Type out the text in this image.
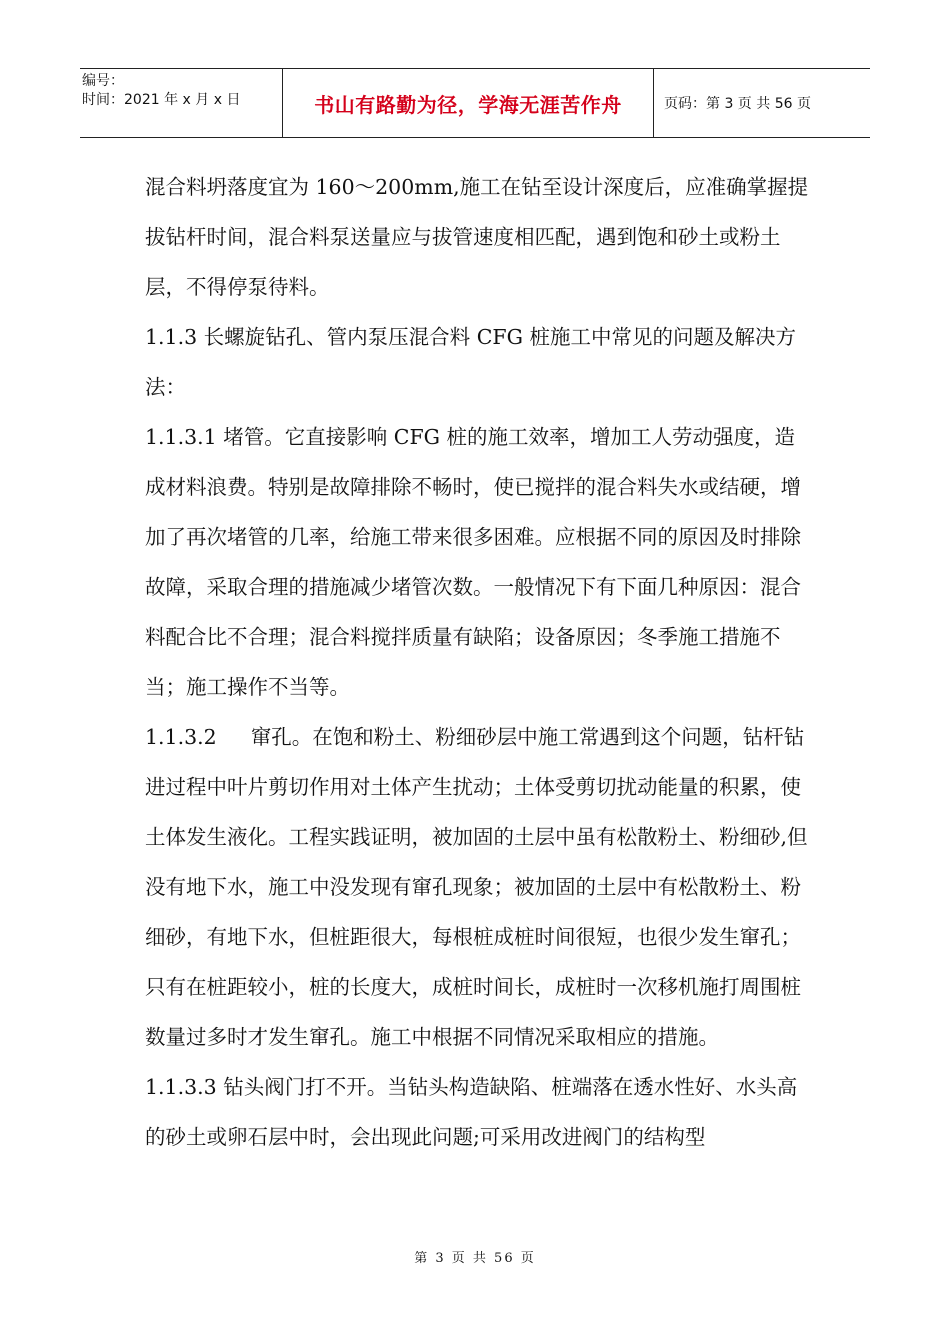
编号：
时间：2021 年 x 月 x 日	书山有路勤为径，学海无涯苦作舟	页码：第 3 页 共 56 页

混合料坍落度宜为 160～200mm,施工在钻至设计深度后，应准确掌握提拔钻杆时间，混合料泵送量应与拔管速度相匹配，遇到饱和砂土或粉土层，不得停泵待料。

1.1.3 长螺旋钻孔、管内泵压混合料 CFG 桩施工中常见的问题及解决方法：

1.1.3.1 堵管。它直接影响 CFG 桩的施工效率，增加工人劳动强度，造成材料浪费。特别是故障排除不畅时，使已搅拌的混合料失水或结硬，增加了再次堵管的几率，给施工带来很多困难。应根据不同的原因及时排除故障，采取合理的措施减少堵管次数。一般情况下有下面几种原因：混合料配合比不合理；混合料搅拌质量有缺陷；设备原因；冬季施工措施不当；施工操作不当等。

1.1.3.2 窜孔。在饱和粉土、粉细砂层中施工常遇到这个问题，钻杆钻进过程中叶片剪切作用对土体产生扰动；土体受剪切扰动能量的积累，使土体发生液化。工程实践证明，被加固的土层中虽有松散粉土、粉细砂,但没有地下水，施工中没发现有窜孔现象；被加固的土层中有松散粉土、粉细砂，有地下水，但桩距很大，每根桩成桩时间很短，也很少发生窜孔；只有在桩距较小，桩的长度大，成桩时间长，成桩时一次移机施打周围桩数量过多时才发生窜孔。施工中根据不同情况采取相应的措施。

1.1.3.3 钻头阀门打不开。当钻头构造缺陷、桩端落在透水性好、水头高的砂土或卵石层中时，会出现此问题;可采用改进阀门的结构型

第 3 页 共 56 页
